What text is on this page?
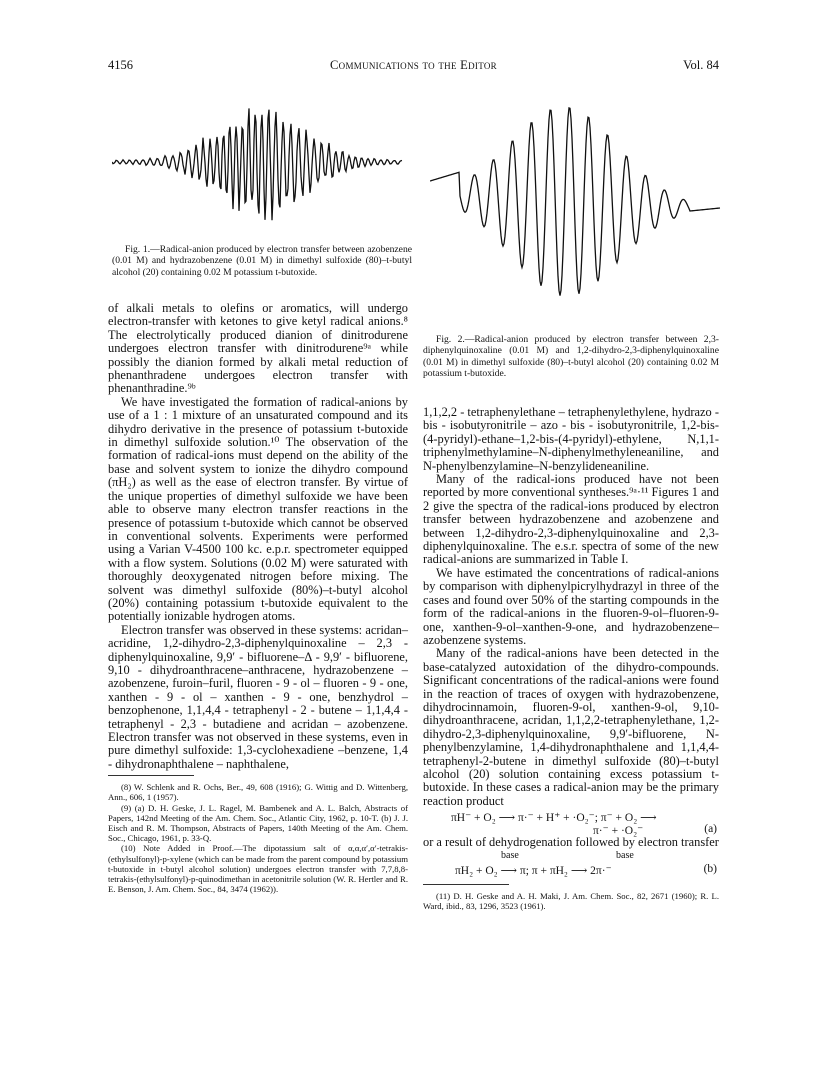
4156	Communications to the Editor	Vol. 84

Fig. 1.—Radical-anion produced by electron transfer between azobenzene (0.01 M) and hydrazobenzene (0.01 M) in dimethyl sulfoxide (80)–t-butyl alcohol (20) containing 0.02 M potassium t-butoxide.

Fig. 2.—Radical-anion produced by electron transfer between 2,3-diphenylquinoxaline (0.01 M) and 1,2-dihydro-2,3-diphenylquinoxaline (0.01 M) in dimethyl sulfoxide (80)–t-butyl alcohol (20) containing 0.02 M potassium t-butoxide.

of alkali metals to olefins or aromatics, will undergo electron-transfer with ketones to give ketyl radical anions.⁸ The electrolytically produced dianion of dinitrodurene undergoes electron transfer with dinitrodurene⁹ᵃ while possibly the dianion formed by alkali metal reduction of phenanthradene undergoes electron transfer with phenanthradine.⁹ᵇ

We have investigated the formation of radical-anions by use of a 1 : 1 mixture of an unsaturated compound and its dihydro derivative in the presence of potassium t-butoxide in dimethyl sulfoxide solution.¹⁰ The observation of the formation of radical-ions must depend on the ability of the base and solvent system to ionize the dihydro compound (πH₂) as well as the ease of electron transfer. By virtue of the unique properties of dimethyl sulfoxide we have been able to observe many electron transfer reactions in the presence of potassium t-butoxide which cannot be observed in conventional solvents. Experiments were performed using a Varian V-4500 100 kc. e.p.r. spectrometer equipped with a flow system. Solutions (0.02 M) were saturated with thoroughly deoxygenated nitrogen before mixing. The solvent was dimethyl sulfoxide (80%)–t-butyl alcohol (20%) containing potassium t-butoxide equivalent to the potentially ionizable hydrogen atoms.

Electron transfer was observed in these systems: acridan–acridine, 1,2-dihydro-2,3-diphenylquinoxaline – 2,3 - diphenylquinoxaline, 9,9′ - bifluorene–Δ - 9,9′ - bifluorene, 9,10 - dihydroanthracene–anthracene, hydrazobenzene – azobenzene, furoin–furil, fluoren - 9 - ol – fluoren - 9 - one, xanthen - 9 - ol – xanthen - 9 - one, benzhydrol – benzophenone, 1,1,4,4 - tetraphenyl - 2 - butene – 1,1,4,4 - tetraphenyl - 2,3 - butadiene and acridan – azobenzene. Electron transfer was not observed in these systems, even in pure dimethyl sulfoxide: 1,3-cyclohexadiene –benzene, 1,4 - dihydronaphthalene – naphthalene,

(8) W. Schlenk and R. Ochs, Ber., 49, 608 (1916); G. Wittig and D. Wittenberg, Ann., 606, 1 (1957).

(9) (a) D. H. Geske, J. L. Ragel, M. Bambenek and A. L. Balch, Abstracts of Papers, 142nd Meeting of the Am. Chem. Soc., Atlantic City, 1962, p. 10-T. (b) J. J. Eisch and R. M. Thompson, Abstracts of Papers, 140th Meeting of the Am. Chem. Soc., Chicago, 1961, p. 33-Q.

(10) Note Added in Proof.—The dipotassium salt of α,α,α′,α′-tetrakis-(ethylsulfonyl)-p-xylene (which can be made from the parent compound by potassium t-butoxide in t-butyl alcohol solution) undergoes electron transfer with 7,7,8,8-tetrakis-(ethylsulfonyl)-p-quinodimethan in acetonitrile solution (W. R. Hertler and R. E. Benson, J. Am. Chem. Soc., 84, 3474 (1962)).

1,1,2,2 - tetraphenylethane – tetraphenylethylene, hydrazo - bis - isobutyronitrile – azo - bis - isobutyronitrile, 1,2-bis-(4-pyridyl)-ethane–1,2-bis-(4-pyridyl)-ethylene, N,1,1-triphenylmethylamine–N-diphenylmethyleneaniline, and N-phenylbenzylamine–N-benzylideneaniline.

Many of the radical-ions produced have not been reported by more conventional syntheses.⁹ᵃ·¹¹ Figures 1 and 2 give the spectra of the radical-ions produced by electron transfer between hydrazobenzene and azobenzene and between 1,2-dihydro-2,3-diphenylquinoxaline and 2,3-diphenylquinoxaline. The e.s.r. spectra of some of the new radical-anions are summarized in Table I.

We have estimated the concentrations of radical-anions by comparison with diphenylpicrylhydrazyl in three of the cases and found over 50% of the starting compounds in the form of the radical-anions in the fluoren-9-ol–fluoren-9-one, xanthen-9-ol–xanthen-9-one, and hydrazobenzene–azobenzene systems.

Many of the radical-anions have been detected in the base-catalyzed autoxidation of the dihydro-compounds. Significant concentrations of the radical-anions were found in the reaction of traces of oxygen with hydrazobenzene, dihydrocinnamoin, fluoren-9-ol, xanthen-9-ol, 9,10-dihydroanthracene, acridan, 1,1,2,2-tetraphenylethane, 1,2-dihydro-2,3-diphenylquinoxaline, 9,9′-bifluorene, N-phenylbenzylamine, 1,4-dihydronaphthalene and 1,1,4,4-tetraphenyl-2-butene in dimethyl sulfoxide (80)–t-butyl alcohol (20) solution containing excess potassium t-butoxide. In these cases a radical-anion may be the primary reaction product

πH⁻ + O₂ ⟶ π·⁻ + H⁺ + ·O₂⁻; π⁻ + O₂ ⟶
π·⁻ + ·O₂⁻	(a)

or a result of dehydrogenation followed by electron transfer

base	base
πH₂ + O₂ ⟶ π; π + πH₂ ⟶ 2π·⁻	(b)

(11) D. H. Geske and A. H. Maki, J. Am. Chem. Soc., 82, 2671 (1960); R. L. Ward, ibid., 83, 1296, 3523 (1961).
